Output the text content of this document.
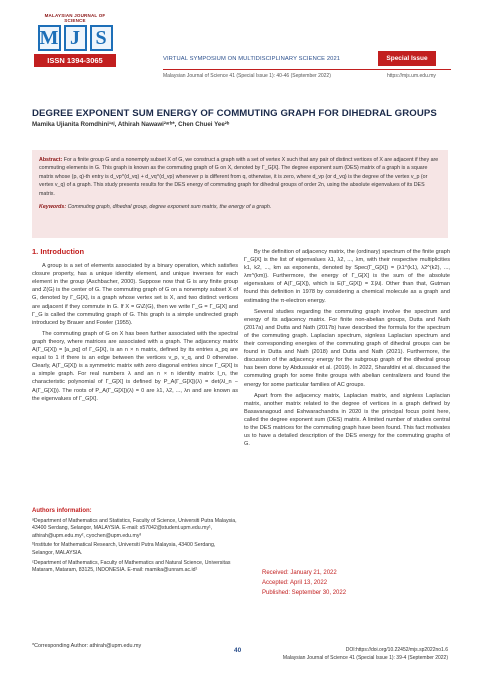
MALAYSIAN JOURNAL OF SCIENCE
M J S
ISSN 1394-3065	VIRTUAL SYMPOSIUM ON MULTIDISCIPLINARY SCIENCE 2021	Special Issue
Malaysian Journal of Science 41 (Special Issue 1): 40-46 (September 2022)	https://mjs.um.edu.my
DEGREE EXPONENT SUM ENERGY OF COMMUTING GRAPH FOR DIHEDRAL GROUPS
Mamika Ujianita Romdhini¹ᵃʲ, Athirah Nawawi²ᵃʳᵇ*, Chen Chuei Yee²ᵇ
Abstract: For a finite group G and a nonempty subset X of G, we construct a graph with a set of vertex X such that any pair of distinct vertices of X are adjacent if they are commuting elements in G. This graph is known as the commuting graph of G on X, denoted by Γ_G[X]. The degree exponent sum (DES) matrix of a graph is a square matrix whose (p, q)-th entry is d_vp^(d_vq) + d_vq^(d_vp) whenever p is different from q, otherwise, it is zero, where d_vp (or d_vq) is the degree of the vertex v_p (or vertex v_q) of a graph. This study presents results for the DES energy of commuting graph for dihedral groups of order 2n, using the absolute eigenvalues of its DES matrix.
Keywords: Commuting graph, dihedral group, degree exponent sum matrix, the energy of a graph.
1. Introduction

A group is a set of elements associated by a binary operation, which satisfies closure property, has a unique identity element, and unique inverses for each element in the group (Aschbacher, 2000). Suppose now that G is any finite group and Z(G) is the center of G. The commuting graph of G on a nonempty subset X of G, denoted by Γ_G[X], is a graph whose vertex set is X, and two distinct vertices are adjacent if they commute in G. If X = G\Z(G), then we write Γ_G = Γ_G[X] and Γ_G is called the commuting graph of G. This graph is a simple undirected graph introduced by Brauer and Fowler (1955).

The commuting graph of G on X has been further associated with the spectral graph theory, where matrices are associated with a graph. The adjacency matrix A(Γ_G[X]) = [a_pq] of Γ_G[X], is an n × n matrix, defined by its entries a_pq are equal to 1 if there is an edge between the vertices v_p, v_q, and 0 otherwise. Clearly, A(Γ_G[X]) is a symmetric matrix with zero diagonal entries since Γ_G[X] is a simple graph. For real numbers λ and an n × n identity matrix I_n, the characteristic polynomial of Γ_G[X] is defined by P_A(Γ_G[X])(λ) = det(λI_n − A(Γ_G[X])). The roots of P_A(Γ_G[X])(λ) = 0 are λ1, λ2, ..., λn and are known as the eigenvalues of Γ_G[X].

By the definition of adjacency matrix, the (ordinary) spectrum of the finite graph Γ_G[X] is the list of eigenvalues λ1, λ2, ..., λm, with their respective multiplicities k1, k2, ..., km as exponents, denoted by Spec(Γ_G[X]) = {λ1^(k1), λ2^(k2), ..., λm^(km)}. Furthermore, the energy of Γ_G[X] is the sum of the absolute eigenvalues of A(Γ_G[X]), which is E(Γ_G[X]) = Σ|λi|. Other than that, Gutman found this definition in 1978 by considering a chemical molecule as a graph and estimating the π-electron energy.

Several studies regarding the commuting graph involve the spectrum and energy of its adjacency matrix. For finite non-abelian groups, Dutta and Nath (2017a) and Dutta and Nath (2017b) have described the formula for the spectrum of the commuting graph. Laplacian spectrum, signless Laplacian spectrum and their corresponding energies of the commuting graph of dihedral groups can be found in Dutta and Nath (2018) and Dutta and Nath (2021). Furthermore, the discussion of the adjacency energy for the subgroup graph of the dihedral group has been done by Abdussakir et al. (2019). In 2022, Sharafdini et al. discussed the commuting graph for some finite groups with abelian centralizers and found the energy for some particular families of AC groups.

Apart from the adjacency matrix, Laplacian matrix, and signless Laplacian matrix, another matrix related to the degree of vertices in a graph defined by Basavanagoud and Eshwarachandra in 2020 is the principal focus point here, called the degree exponent sum (DES) matrix. A limited number of studies central to the DES matrices for the commuting graph have been found. This fact motivates us to have a detailed description of the DES energy for the commuting graphs of G.

Authors information:

ᵃDepartment of Mathematics and Statistics, Faculty of Science, Universiti Putra Malaysia, 43400 Serdang, Selangor, MALAYSIA. E-mail: s57042@student.upm.edu.my¹, athirah@upm.edu.my², cyochen@upm.edu.my³

ᵇInstitute for Mathematical Research, Universiti Putra Malaysia, 43400 Serdang, Selangor, MALAYSIA.

ᶜDepartment of Mathematics, Faculty of Mathematics and Natural Science, Universitas Mataram, Mataram, 83125, INDONESIA. E-mail: mamika@unram.ac.id¹	Received: January 21, 2022
Accepted: April 13, 2022
Published: September 30, 2022
*Corresponding Author: athirah@upm.edu.my
40	DOI:https://doi.org/10.22452/mjs.sp2022no1.6
Malaysian Journal of Science 41 (Special Issue 1): 39-4 (September 2022)
